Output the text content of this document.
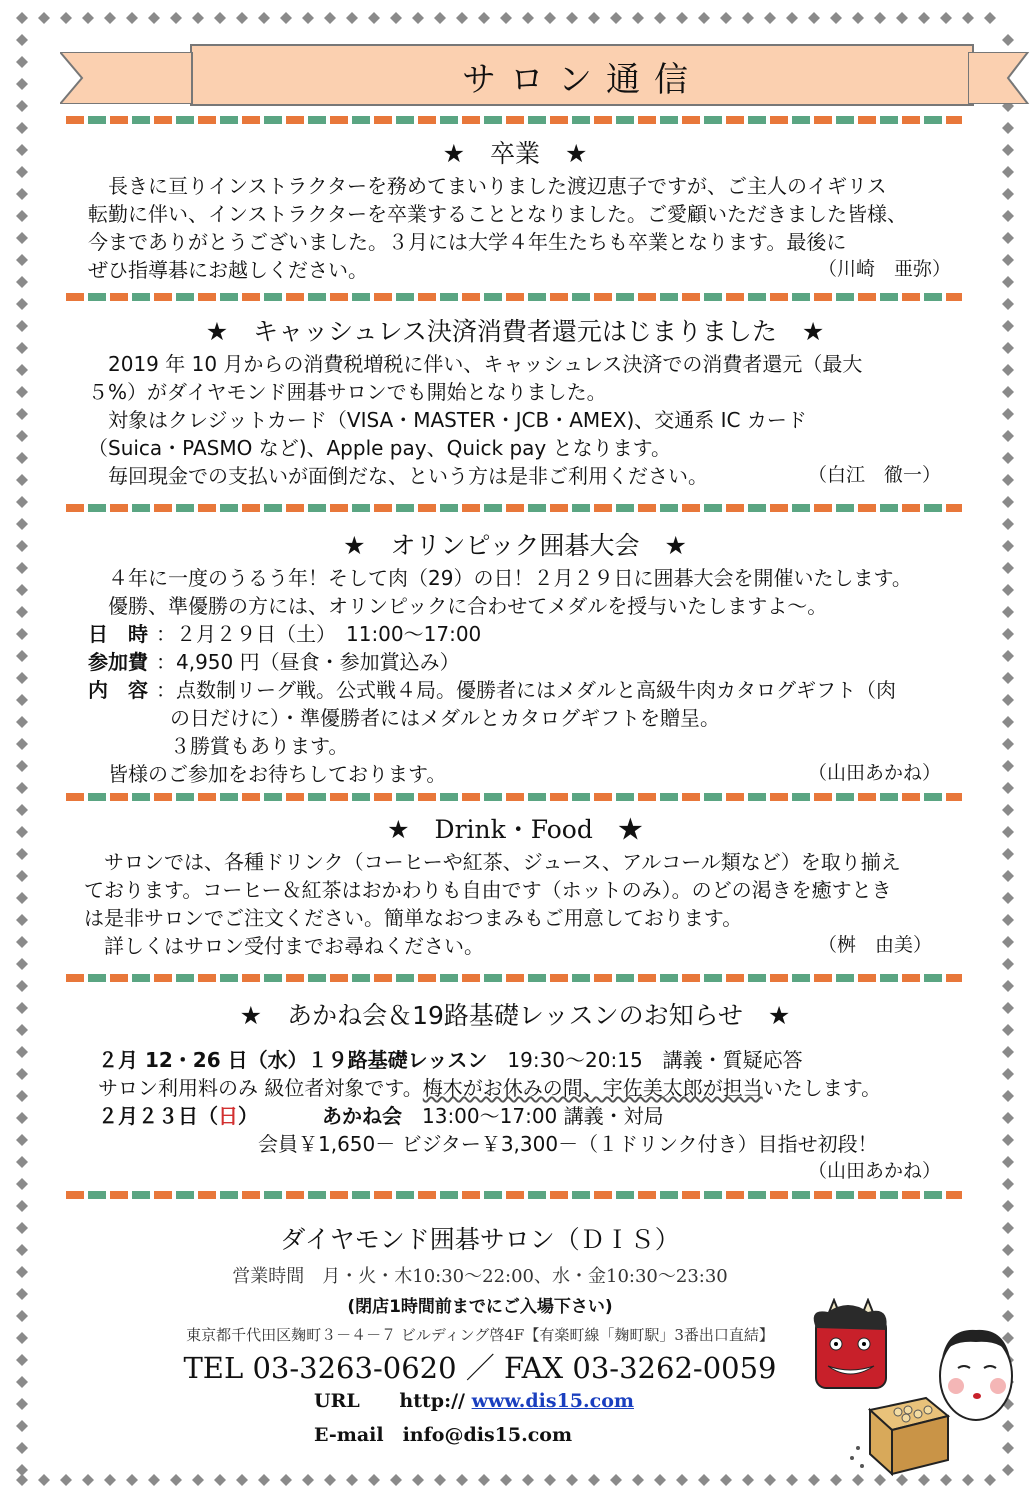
サロン通信
★　卒業　★
　長きに亘りインストラクターを務めてまいりました渡辺恵子ですが、ご主人のイギリス
転勤に伴い、インストラクターを卒業することとなりました。ご愛顧いただきました皆様、
今までありがとうございました。３月には大学４年生たちも卒業となります。最後に
ぜひ指導碁にお越しください。	（川崎　亜弥）
★　キャッシュレス決済消費者還元はじまりました　★
　2019 年 10 月からの消費税増税に伴い、キャッシュレス決済での消費者還元（最大
５%）がダイヤモンド囲碁サロンでも開始となりました。
　対象はクレジットカード（VISA・MASTER・JCB・AMEX)、交通系 IC カード
（Suica・PASMO など)、Apple pay、Quick pay となります。
　毎回現金での支払いが面倒だな、という方は是非ご利用ください。	（白江　徹一）
★　オリンピック囲碁大会　★
　４年に一度のうるう年！そして肉（29）の日！２月２９日に囲碁大会を開催いたします。
　優勝、準優勝の方には、オリンピックに合わせてメダルを授与いたしますよ〜。
日　時 ：２月２９日（土）　11:00〜17:00
参加費 ：4,950 円（昼食・参加賞込み）
内　容 ：点数制リーグ戦。公式戦４局。優勝者にはメダルと高級牛肉カタログギフト（肉
の日だけに）・準優勝者にはメダルとカタログギフトを贈呈。
３勝賞もあります。
　皆様のご参加をお待ちしております。	（山田あかね）
★　Drink・Food　★
　サロンでは、各種ドリンク（コーヒーや紅茶、ジュース、アルコール類など）を取り揃え
ております。コーヒー＆紅茶はおかわりも自由です（ホットのみ）。のどの渇きを癒すとき
は是非サロンでご注文ください。簡単なおつまみもご用意しております。
　詳しくはサロン受付までお尋ねください。	（桝　由美）
★　あかね会＆19路基礎レッスンのお知らせ　★
２月 12・26 日（水）１９路基礎レッスン　19:30〜20:15　講義・質疑応答
サロン利用料のみ 級位者対象です。梅木がお休みの間、宇佐美太郎が担当いたします。
２月２３日（日）	あかね会　13:00〜17:00 講義・対局
会員￥1,650－ ビジター￥3,300－（１ドリンク付き）目指せ初段！
（山田あかね）
ダイヤモンド囲碁サロン（ＤＩＳ）
営業時間　月・火・木10:30〜22:00、水・金10:30〜23:30
(閉店1時間前までにご入場下さい)
東京都千代田区麹町３－４－７ ビルディング啓4F【有楽町線「麹町駅」3番出口直結】
TEL 03-3263-0620 ／ FAX 03-3262-0059
URL http:// www.dis15.com
E-mail　info@dis15.com
